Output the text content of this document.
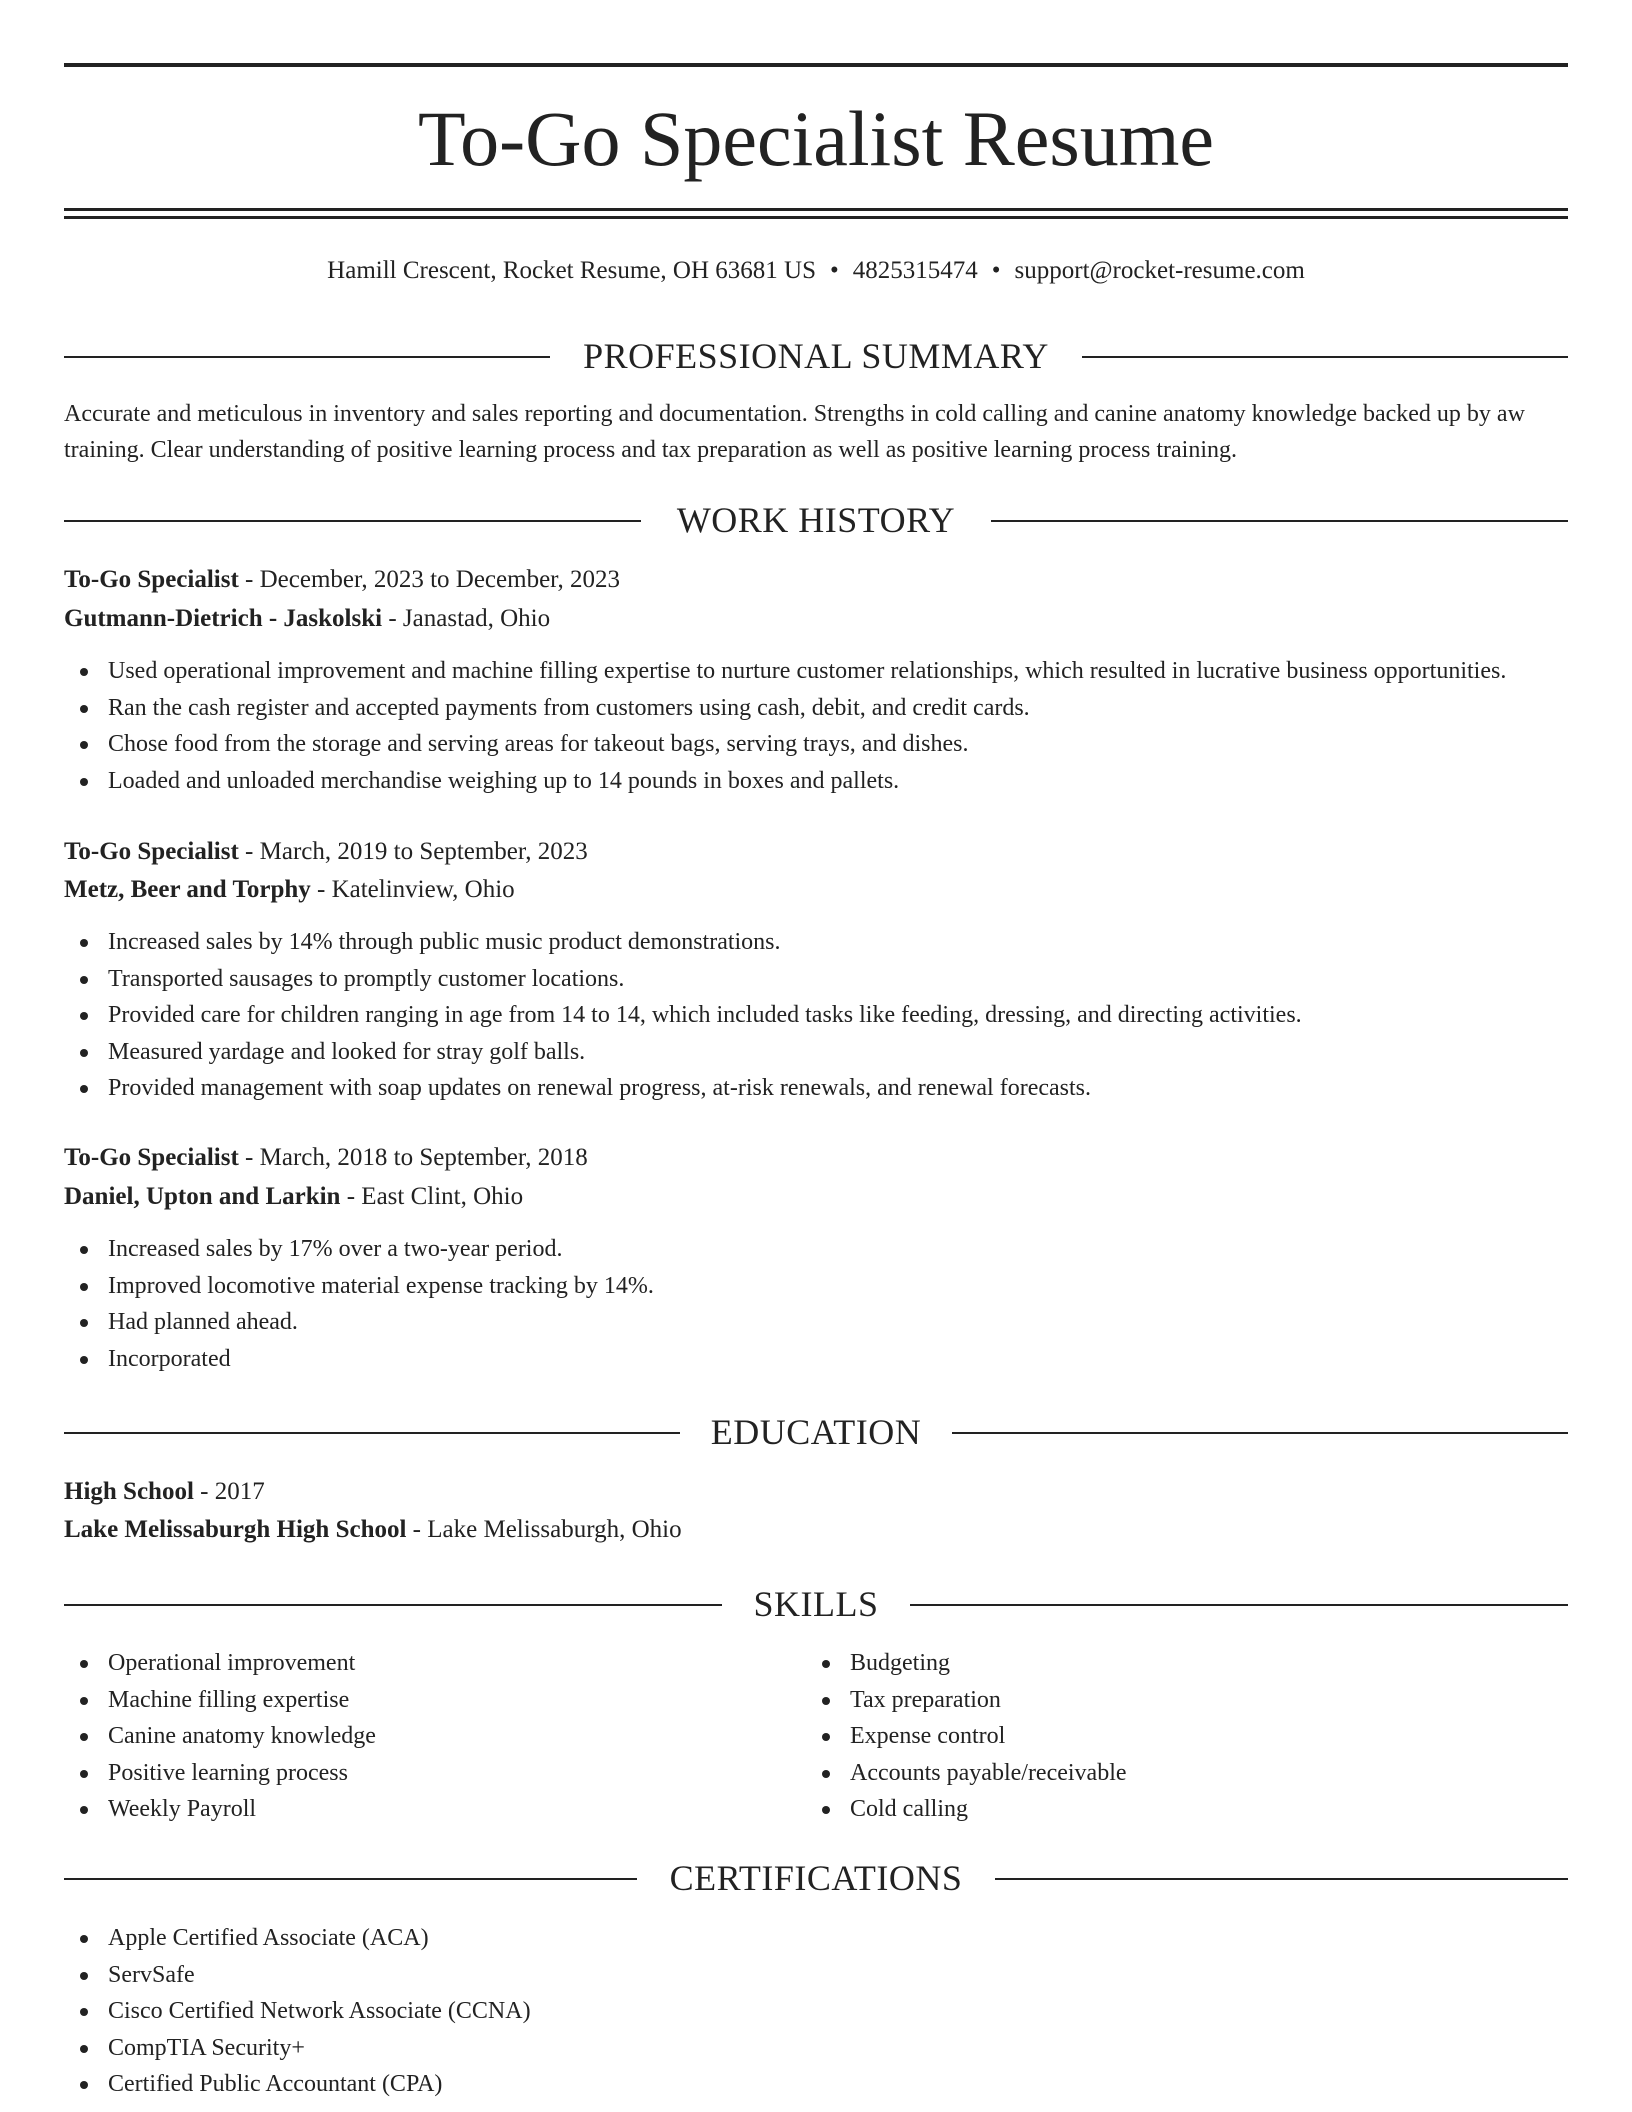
To-Go Specialist Resume
Hamill Crescent, Rocket Resume, OH 63681 US • 4825315474 • support@rocket-resume.com
PROFESSIONAL SUMMARY

Accurate and meticulous in inventory and sales reporting and documentation. Strengths in cold calling and canine anatomy knowledge backed up by aw training. Clear understanding of positive learning process and tax preparation as well as positive learning process training.

WORK HISTORY
To-Go Specialist - December, 2023 to December, 2023
Gutmann-Dietrich - Jaskolski - Janastad, Ohio
Used operational improvement and machine filling expertise to nurture customer relationships, which resulted in lucrative business opportunities.
Ran the cash register and accepted payments from customers using cash, debit, and credit cards.
Chose food from the storage and serving areas for takeout bags, serving trays, and dishes.
Loaded and unloaded merchandise weighing up to 14 pounds in boxes and pallets.
To-Go Specialist - March, 2019 to September, 2023
Metz, Beer and Torphy - Katelinview, Ohio
Increased sales by 14% through public music product demonstrations.
Transported sausages to promptly customer locations.
Provided care for children ranging in age from 14 to 14, which included tasks like feeding, dressing, and directing activities.
Measured yardage and looked for stray golf balls.
Provided management with soap updates on renewal progress, at-risk renewals, and renewal forecasts.
To-Go Specialist - March, 2018 to September, 2018
Daniel, Upton and Larkin - East Clint, Ohio
Increased sales by 17% over a two-year period.
Improved locomotive material expense tracking by 14%.
Had planned ahead.
Incorporated
EDUCATION
High School - 2017
Lake Melissaburgh High School - Lake Melissaburgh, Ohio
SKILLS
Operational improvement
Machine filling expertise
Canine anatomy knowledge
Positive learning process
Weekly Payroll
Budgeting
Tax preparation
Expense control
Accounts payable/receivable
Cold calling
CERTIFICATIONS
Apple Certified Associate (ACA)
ServSafe
Cisco Certified Network Associate (CCNA)
CompTIA Security+
Certified Public Accountant (CPA)
